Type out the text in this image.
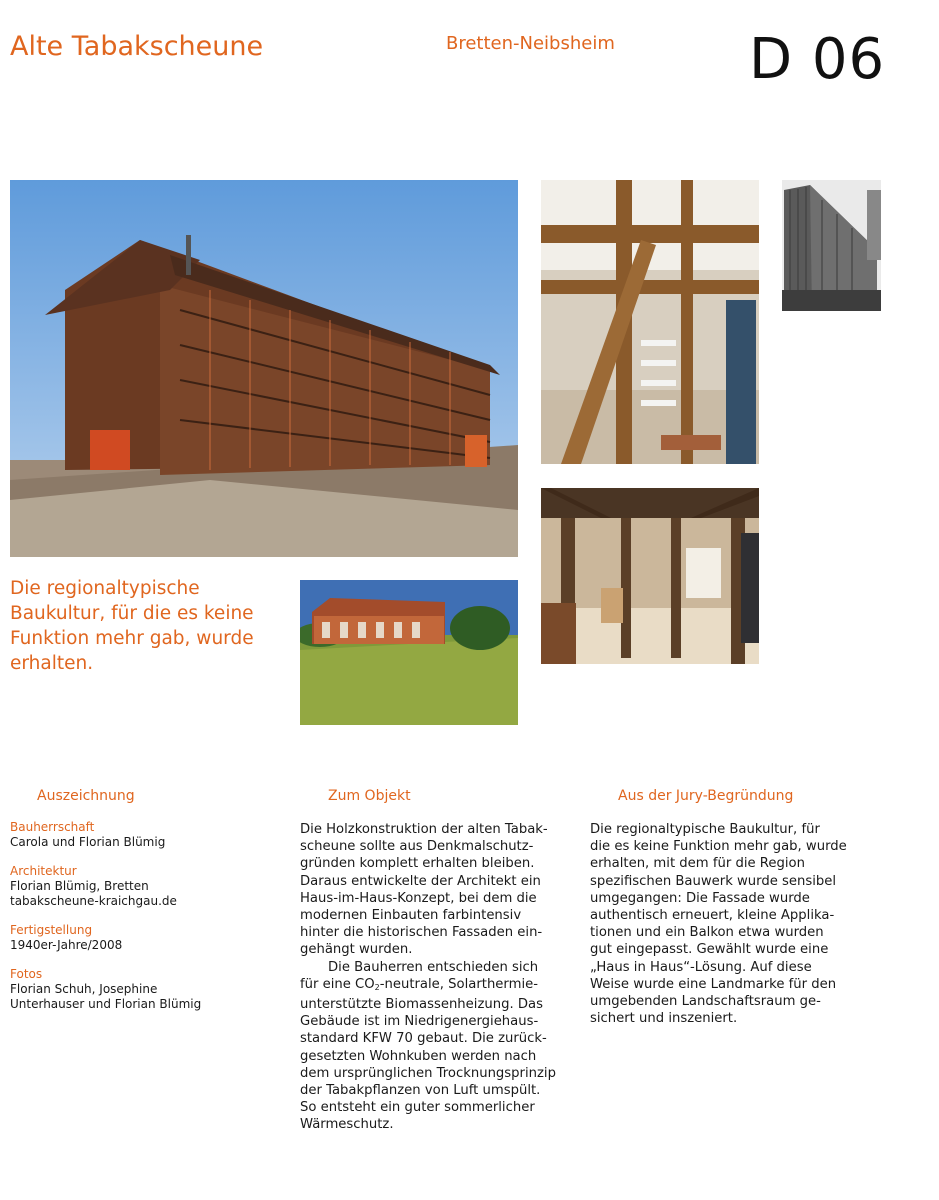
Alte Tabakscheune	Bretten-Neibsheim D 06
Die regionaltypische Baukultur, für die es keine Funktion mehr gab, wurde erhalten.
Auszeichnung	Zum Objekt	Aus der Jury-Begründung
Bauherrschaft
Carola und Florian Blümig
Architektur
Florian Blümig, Bretten
tabakscheune-kraichgau.de
Fertigstellung
1940er-Jahre/2008
Fotos
Florian Schuh, Josephine
Unterhauser und Florian Blümig
Die Holzkonstruktion der alten Tabak-
scheune sollte aus Denkmalschutz-
gründen komplett erhalten bleiben.
Daraus entwickelte der Architekt ein
Haus-im-Haus-Konzept, bei dem die
modernen Einbauten farbintensiv
hinter die historischen Fassaden ein-
gehängt wurden.
Die Bauherren entschieden sich
für eine $CO_2$-neutrale, Solarthermie-
unterstützte Biomassenheizung. Das
Gebäude ist im Niedrigenergiehaus-
standard KFW 70 gebaut. Die zurück-
gesetzten Wohnkuben werden nach
dem ursprünglichen Trocknungsprinzip
der Tabakpflanzen von Luft umspült.
So entsteht ein guter sommerlicher
Wärmeschutz.
Die regionaltypische Baukultur, für
die es keine Funktion mehr gab, wurde
erhalten, mit dem für die Region
spezifischen Bauwerk wurde sensibel
umgegangen: Die Fassade wurde
authentisch erneuert, kleine Applika-
tionen und ein Balkon etwa wurden
gut eingepasst. Gewählt wurde eine
„Haus in Haus“-Lösung. Auf diese
Weise wurde eine Landmarke für den
umgebenden Landschaftsraum ge-
sichert und inszeniert.
